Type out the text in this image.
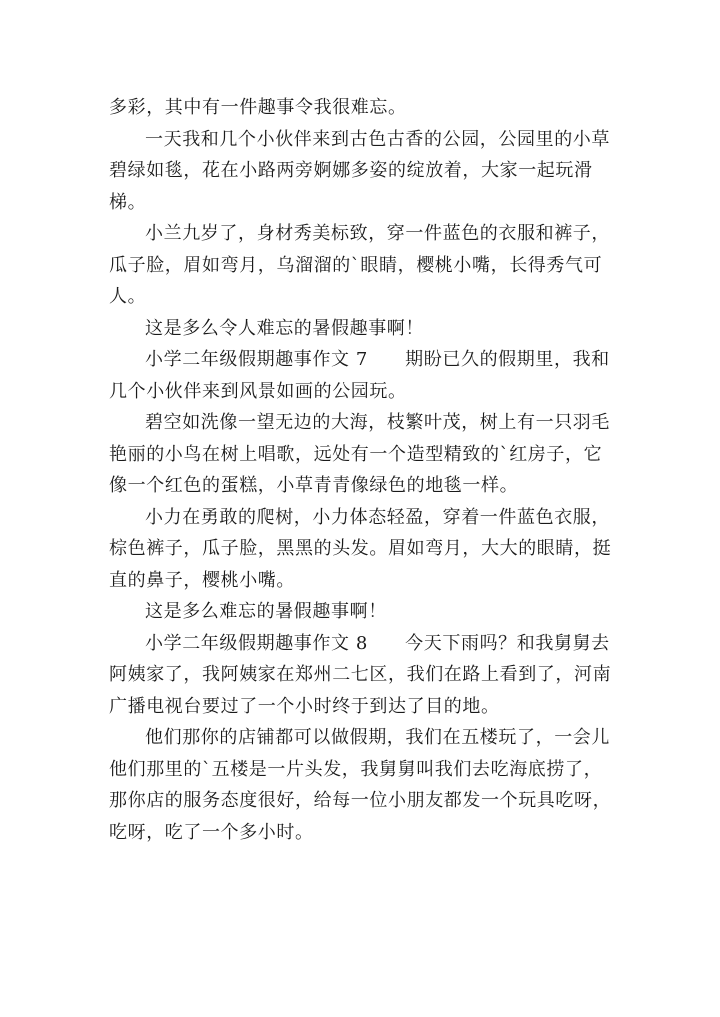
多彩，其中有一件趣事令我很难忘。

一天我和几个小伙伴来到古色古香的公园，公园里的小草碧绿如毯，花在小路两旁婀娜多姿的绽放着，大家一起玩滑梯。

小兰九岁了，身材秀美标致，穿一件蓝色的衣服和裤子，瓜子脸，眉如弯月，乌溜溜的`眼睛，樱桃小嘴，长得秀气可人。

这是多么令人难忘的暑假趣事啊！

小学二年级假期趣事作文 7　　期盼已久的假期里，我和几个小伙伴来到风景如画的公园玩。

碧空如洗像一望无边的大海，枝繁叶茂，树上有一只羽毛艳丽的小鸟在树上唱歌，远处有一个造型精致的`红房子，它像一个红色的蛋糕，小草青青像绿色的地毯一样。

小力在勇敢的爬树，小力体态轻盈，穿着一件蓝色衣服，棕色裤子，瓜子脸，黑黑的头发。眉如弯月，大大的眼睛，挺直的鼻子，樱桃小嘴。

这是多么难忘的暑假趣事啊！

小学二年级假期趣事作文 8　　今天下雨吗？和我舅舅去阿姨家了，我阿姨家在郑州二七区，我们在路上看到了，河南广播电视台要过了一个小时终于到达了目的地。

他们那你的店铺都可以做假期，我们在五楼玩了，一会儿他们那里的`五楼是一片头发，我舅舅叫我们去吃海底捞了，那你店的服务态度很好，给每一位小朋友都发一个玩具吃呀，吃呀，吃了一个多小时。
